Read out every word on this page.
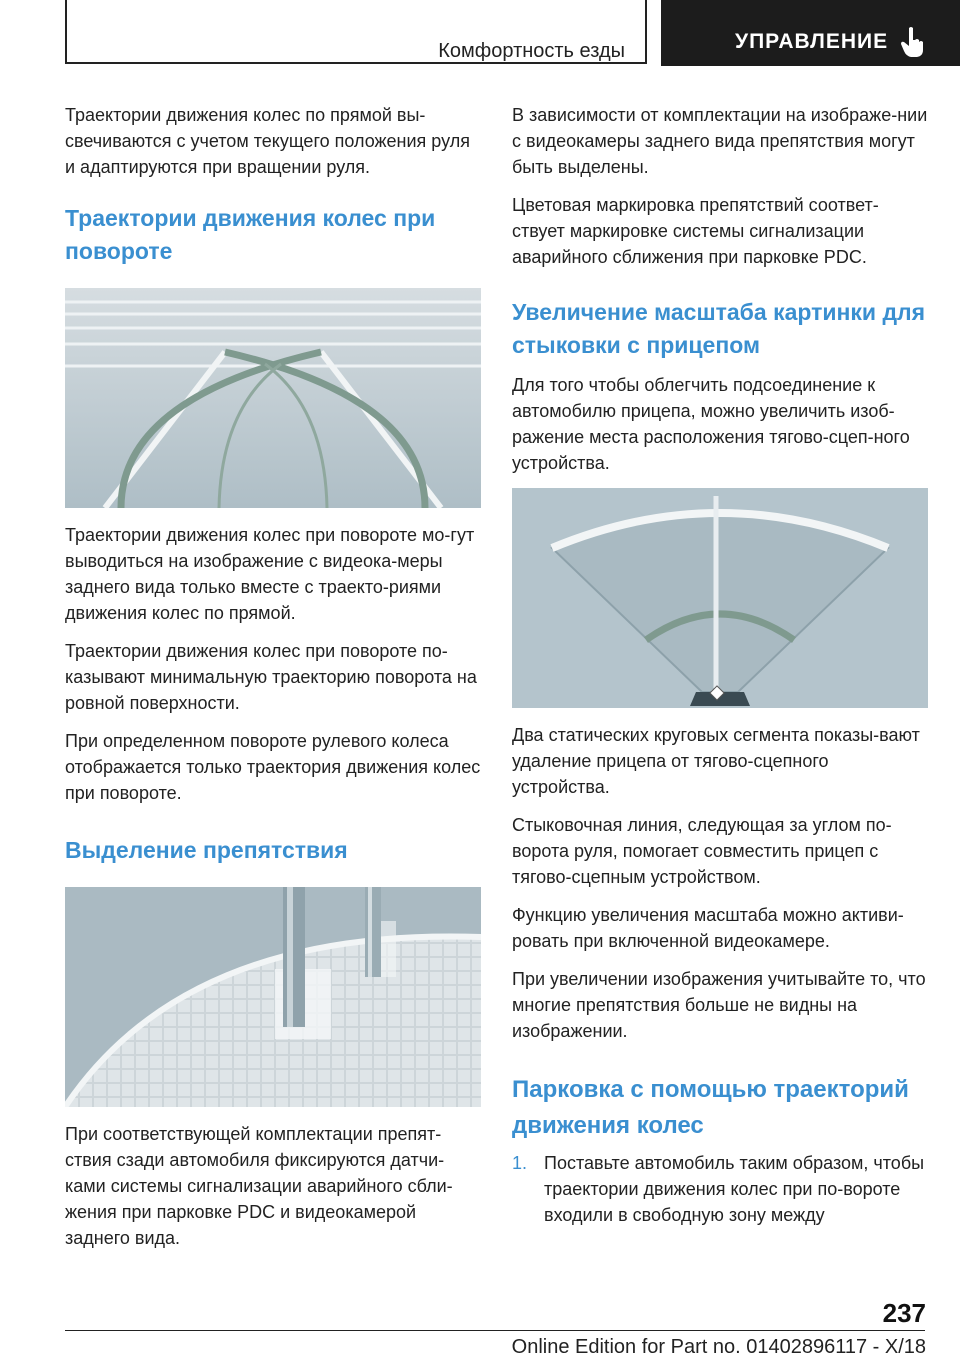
Комфортность езды	УПРАВЛЕНИЕ

Траектории движения колес по прямой вы-свечиваются с учетом текущего положения руля и адаптируются при вращении руля.

Траектории движения колес при повороте

Траектории движения колес при повороте мо-гут выводиться на изображение с видеока-меры заднего вида только вместе с траекто-риями движения колес по прямой.

Траектории движения колес при повороте по-казывают минимальную траекторию поворота на ровной поверхности.

При определенном повороте рулевого колеса отображается только траектория движения колес при повороте.

Выделение препятствия

При соответствующей комплектации препят-ствия сзади автомобиля фиксируются датчи-ками системы сигнализации аварийного сбли-жения при парковке PDC и видеокамерой заднего вида.

В зависимости от комплектации на изображе-нии с видеокамеры заднего вида препятствия могут быть выделены.

Цветовая маркировка препятствий соответ-ствует маркировке системы сигнализации аварийного сближения при парковке PDC.

Увеличение масштаба картинки для стыковки с прицепом

Для того чтобы облегчить подсоединение к автомобилю прицепа, можно увеличить изоб-ражение места расположения тягово-сцеп-ного устройства.

Два статических круговых сегмента показы-вают удаление прицепа от тягово-сцепного устройства.

Стыковочная линия, следующая за углом по-ворота руля, помогает совместить прицеп с тягово-сцепным устройством.

Функцию увеличения масштаба можно активи-ровать при включенной видеокамере.

При увеличении изображения учитывайте то, что многие препятствия больше не видны на изображении.

Парковка с помощью траекторий движения колес
1. Поставьте автомобиль таким образом, чтобы траектории движения колес при по-вороте входили в свободную зону между
237
Online Edition for Part no. 01402896117 - X/18
